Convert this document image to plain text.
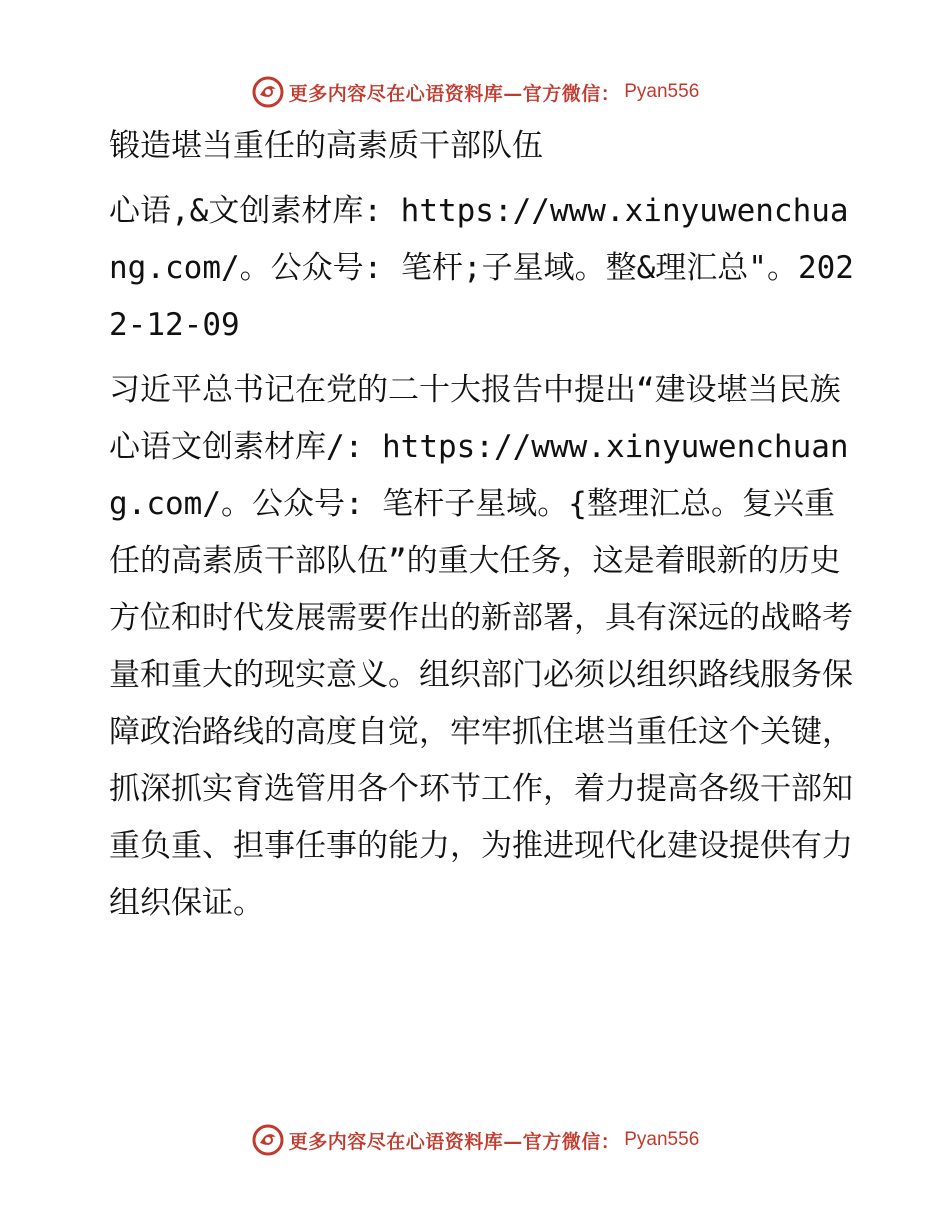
更多内容尽在心语资料库—官方微信： Pyan556

锻造堪当重任的高素质干部队伍

心语,&文创素材库: https://www.xinyuwenchuang.com/。公众号: 笔杆;子星域。整&理汇总"。2022-12-09

习近平总书记在党的二十大报告中提出“建设堪当民族心语文创素材库/: https://www.xinyuwenchuang.com/。公众号: 笔杆子星域。{整理汇总。复兴重任的高素质干部队伍”的重大任务，这是着眼新的历史方位和时代发展需要作出的新部署，具有深远的战略考量和重大的现实意义。组织部门必须以组织路线服务保障政治路线的高度自觉，牢牢抓住堪当重任这个关键，抓深抓实育选管用各个环节工作，着力提高各级干部知重负重、担事任事的能力，为推进现代化建设提供有力组织保证。

更多内容尽在心语资料库—官方微信： Pyan556
